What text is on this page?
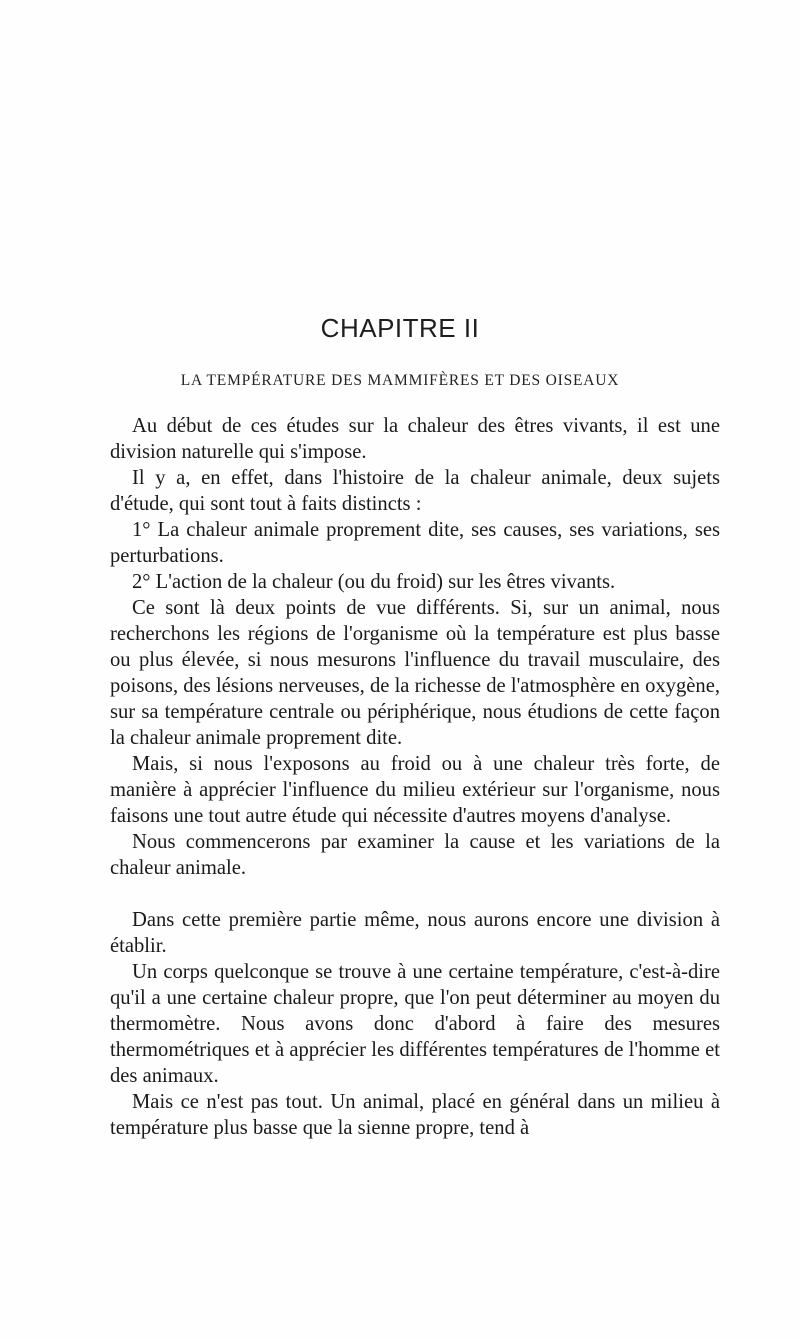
CHAPITRE II
LA TEMPÉRATURE DES MAMMIFÈRES ET DES OISEAUX

Au début de ces études sur la chaleur des êtres vivants, il est une division naturelle qui s'impose.

Il y a, en effet, dans l'histoire de la chaleur animale, deux sujets d'étude, qui sont tout à faits distincts :

1° La chaleur animale proprement dite, ses causes, ses variations, ses perturbations.

2° L'action de la chaleur (ou du froid) sur les êtres vivants.

Ce sont là deux points de vue différents. Si, sur un animal, nous recherchons les régions de l'organisme où la température est plus basse ou plus élevée, si nous mesurons l'influence du travail musculaire, des poisons, des lésions nerveuses, de la richesse de l'atmosphère en oxygène, sur sa température centrale ou périphérique, nous étudions de cette façon la chaleur animale proprement dite.

Mais, si nous l'exposons au froid ou à une chaleur très forte, de manière à apprécier l'influence du milieu extérieur sur l'organisme, nous faisons une tout autre étude qui nécessite d'autres moyens d'analyse.

Nous commencerons par examiner la cause et les variations de la chaleur animale.

Dans cette première partie même, nous aurons encore une division à établir.

Un corps quelconque se trouve à une certaine température, c'est-à-dire qu'il a une certaine chaleur propre, que l'on peut déterminer au moyen du thermomètre. Nous avons donc d'abord à faire des mesures thermométriques et à apprécier les différentes températures de l'homme et des animaux.

Mais ce n'est pas tout. Un animal, placé en général dans un milieu à température plus basse que la sienne propre, tend à
